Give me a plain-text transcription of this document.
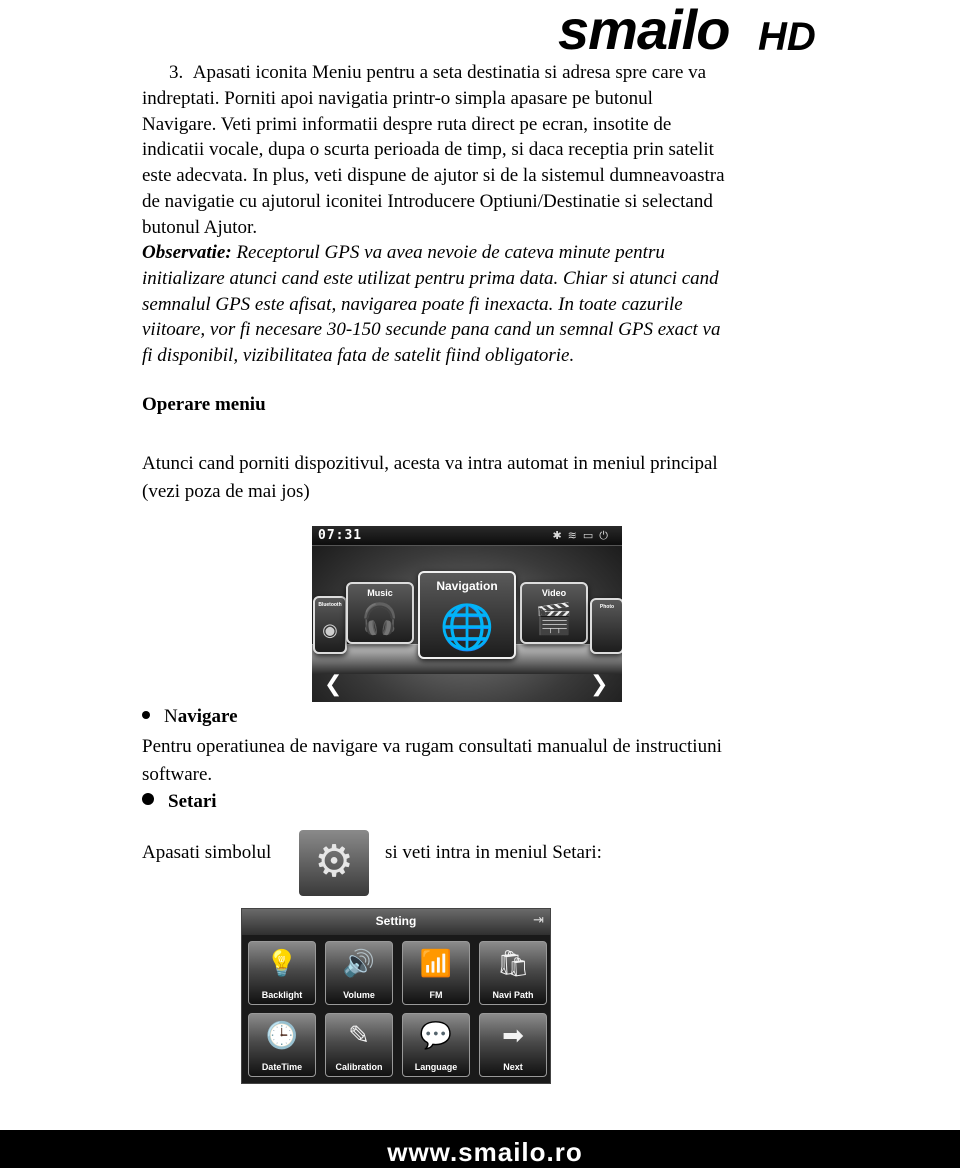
smailo HD
3. Apasati iconita Meniu pentru a seta destinatia si adresa spre care va
indreptati. Porniti apoi navigatia printr-o simpla apasare pe butonul
Navigare. Veti primi informatii despre ruta direct pe ecran, insotite de
indicatii vocale, dupa o scurta perioada de timp, si daca receptia prin satelit
este adecvata. In plus, veti dispune de ajutor si de la sistemul dumneavoastra
de navigatie cu ajutorul iconitei Introducere Optiuni/Destinatie si selectand
butonul Ajutor.
Observatie: Receptorul GPS va avea nevoie de cateva minute pentru
initializare atunci cand este utilizat pentru prima data. Chiar si atunci cand
semnalul GPS este afisat, navigarea poate fi inexacta. In toate cazurile
viitoare, vor fi necesare 30-150 secunde pana cand un semnal GPS exact va
fi disponibil, vizibilitatea fata de satelit fiind obligatorie.
Operare meniu
Atunci cand porniti dispozitivul, acesta va intra automat in meniul principal
(vezi poza de mai jos)
07:31	✱≋▭⏻
Bluetooth
◉
Music
🎧
Video
🎬
Navigation
🌐	Photo
❮	❯
Navigare
Pentru operatiunea de navigare va rugam consultati manualul de instructiuni
software.
Setari
Apasati simbolul ⚙	si veti intra in meniul Setari:
Setting	⇥
💡
Backlight
🔊
Volume
📶
FM
🛍
Navi Path
🕒
DateTime
✎
Calibration
💬
Language
➡
Next
www.smailo.ro
